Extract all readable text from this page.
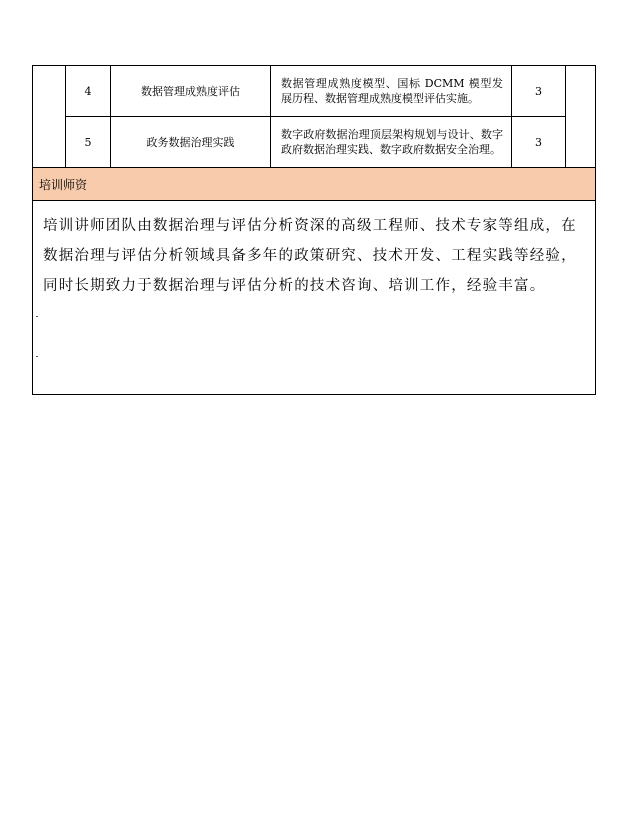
4	数据管理成熟度评估
数据管理成熟度模型、国标 DCMM 模型发展历程、数据管理成熟度模型评估实施。
3
5	政务数据治理实践
数字政府数据治理顶层架构规划与设计、数字政府数据治理实践、数字政府数据安全治理。
3
培训师资
培训讲师团队由数据治理与评估分析资深的高级工程师、技术专家等组成，在数据治理与评估分析领域具备多年的政策研究、技术开发、工程实践等经验，同时长期致力于数据治理与评估分析的技术咨询、培训工作，经验丰富。
